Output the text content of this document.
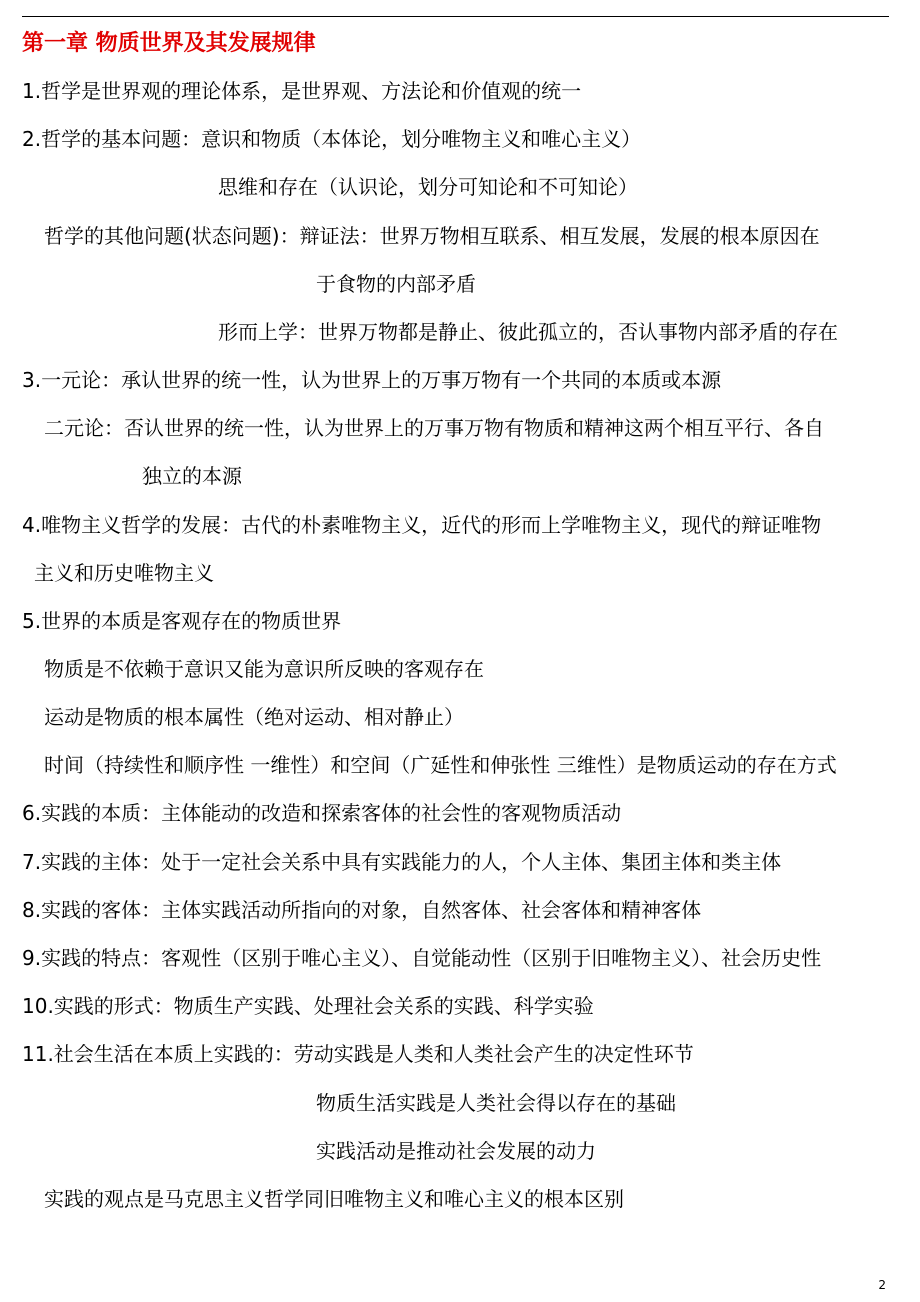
第一章 物质世界及其发展规律
1.哲学是世界观的理论体系，是世界观、方法论和价值观的统一
2.哲学的基本问题：意识和物质（本体论，划分唯物主义和唯心主义）
思维和存在（认识论，划分可知论和不可知论）
哲学的其他问题(状态问题)：辩证法：世界万物相互联系、相互发展，发展的根本原因在
于食物的内部矛盾
形而上学：世界万物都是静止、彼此孤立的，否认事物内部矛盾的存在
3.一元论：承认世界的统一性，认为世界上的万事万物有一个共同的本质或本源
二元论：否认世界的统一性，认为世界上的万事万物有物质和精神这两个相互平行、各自
独立的本源
4.唯物主义哲学的发展：古代的朴素唯物主义，近代的形而上学唯物主义，现代的辩证唯物
主义和历史唯物主义
5.世界的本质是客观存在的物质世界
物质是不依赖于意识又能为意识所反映的客观存在
运动是物质的根本属性（绝对运动、相对静止）
时间（持续性和顺序性 一维性）和空间（广延性和伸张性 三维性）是物质运动的存在方式
6.实践的本质：主体能动的改造和探索客体的社会性的客观物质活动
7.实践的主体：处于一定社会关系中具有实践能力的人，个人主体、集团主体和类主体
8.实践的客体：主体实践活动所指向的对象，自然客体、社会客体和精神客体
9.实践的特点：客观性（区别于唯心主义）、自觉能动性（区别于旧唯物主义）、社会历史性
10.实践的形式：物质生产实践、处理社会关系的实践、科学实验
11.社会生活在本质上实践的：劳动实践是人类和人类社会产生的决定性环节
物质生活实践是人类社会得以存在的基础
实践活动是推动社会发展的动力
实践的观点是马克思主义哲学同旧唯物主义和唯心主义的根本区别
2
